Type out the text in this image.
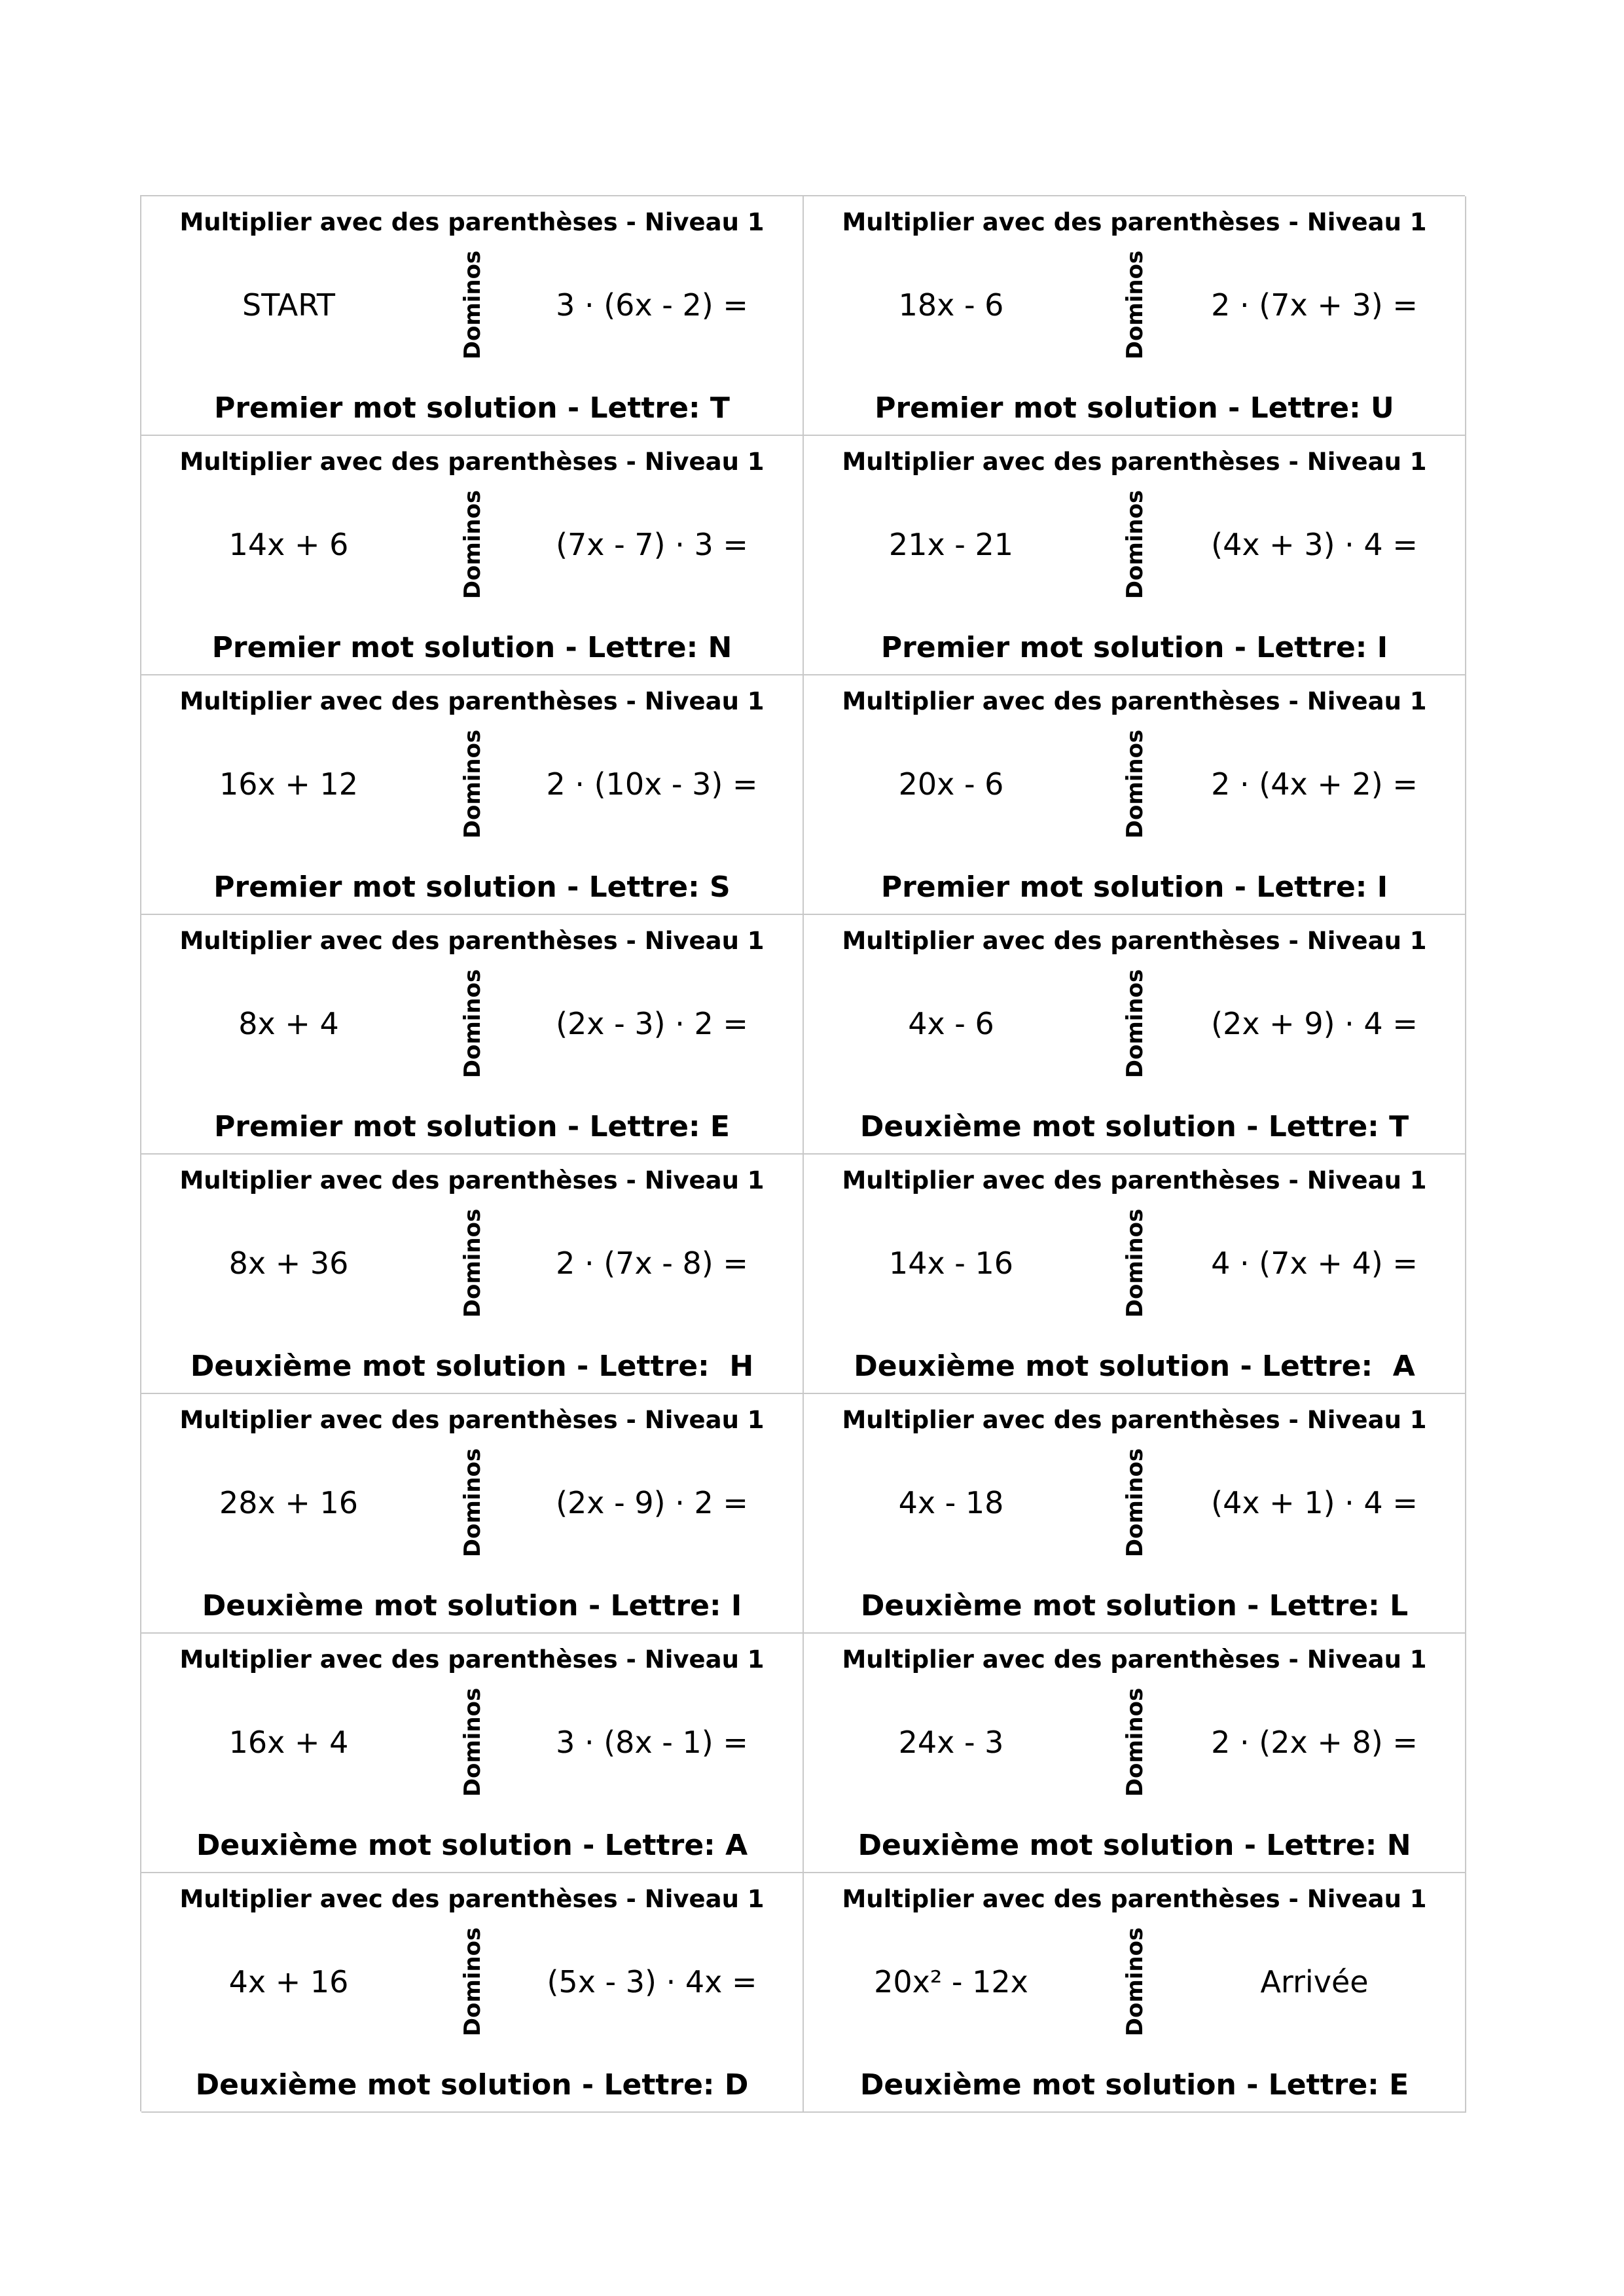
Multiplier avec des parenthèses - Niveau 1
START	Dominos	3 · (6x - 2) =
Premier mot solution - Lettre: T
Multiplier avec des parenthèses - Niveau 1
18x - 6	Dominos	2 · (7x + 3) =
Premier mot solution - Lettre: U
Multiplier avec des parenthèses - Niveau 1
14x + 6	Dominos	(7x - 7) · 3 =
Premier mot solution - Lettre: N
Multiplier avec des parenthèses - Niveau 1
21x - 21	Dominos	(4x + 3) · 4 =
Premier mot solution - Lettre: I
Multiplier avec des parenthèses - Niveau 1
16x + 12	Dominos	2 · (10x - 3) =
Premier mot solution - Lettre: S
Multiplier avec des parenthèses - Niveau 1
20x - 6	Dominos	2 · (4x + 2) =
Premier mot solution - Lettre: I
Multiplier avec des parenthèses - Niveau 1
8x + 4	Dominos	(2x - 3) · 2 =
Premier mot solution - Lettre: E
Multiplier avec des parenthèses - Niveau 1
4x - 6	Dominos	(2x + 9) · 4 =
Deuxième mot solution - Lettre: T
Multiplier avec des parenthèses - Niveau 1
8x + 36	Dominos	2 · (7x - 8) =
Deuxième mot solution - Lettre:  H
Multiplier avec des parenthèses - Niveau 1
14x - 16	Dominos	4 · (7x + 4) =
Deuxième mot solution - Lettre:  A
Multiplier avec des parenthèses - Niveau 1
28x + 16	Dominos	(2x - 9) · 2 =
Deuxième mot solution - Lettre: I
Multiplier avec des parenthèses - Niveau 1
4x - 18	Dominos	(4x + 1) · 4 =
Deuxième mot solution - Lettre: L
Multiplier avec des parenthèses - Niveau 1
16x + 4	Dominos	3 · (8x - 1) =
Deuxième mot solution - Lettre: A
Multiplier avec des parenthèses - Niveau 1
24x - 3	Dominos	2 · (2x + 8) =
Deuxième mot solution - Lettre: N
Multiplier avec des parenthèses - Niveau 1
4x + 16	Dominos	(5x - 3) · 4x =
Deuxième mot solution - Lettre: D
Multiplier avec des parenthèses - Niveau 1
20x² - 12x	Dominos	Arrivée
Deuxième mot solution - Lettre: E
